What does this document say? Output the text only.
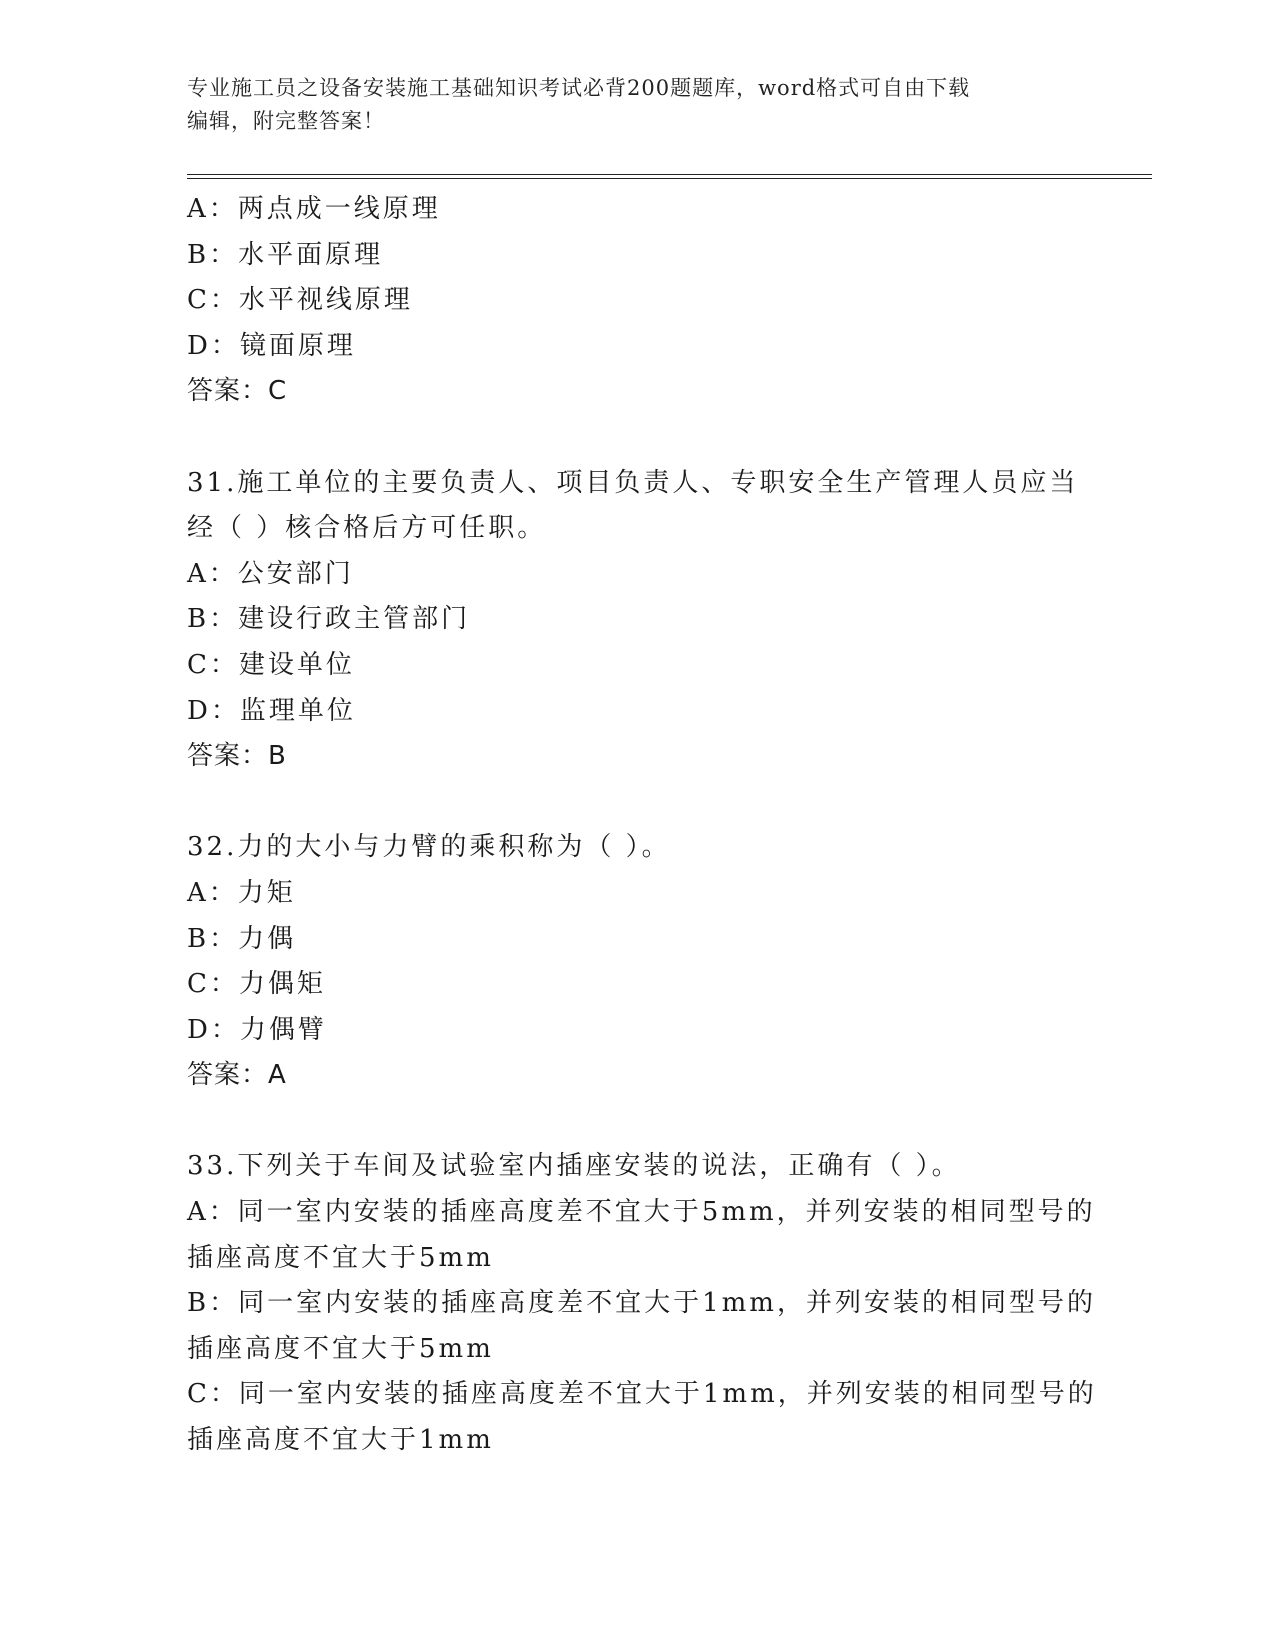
专业施工员之设备安装施工基础知识考试必背200题题库，word格式可自由下载
编辑，附完整答案！
A：两点成一线原理
B：水平面原理
C：水平视线原理
D：镜面原理
答案：C
31.施工单位的主要负责人、项目负责人、专职安全生产管理人员应当
经（ ）核合格后方可任职。
A：公安部门
B：建设行政主管部门
C：建设单位
D：监理单位
答案：B
32.力的大小与力臂的乘积称为（ ）。
A：力矩
B：力偶
C：力偶矩
D：力偶臂
答案：A
33.下列关于车间及试验室内插座安装的说法，正确有（ ）。
A：同一室内安装的插座高度差不宜大于5mm，并列安装的相同型号的
插座高度不宜大于5mm
B：同一室内安装的插座高度差不宜大于1mm，并列安装的相同型号的
插座高度不宜大于5mm
C：同一室内安装的插座高度差不宜大于1mm，并列安装的相同型号的
插座高度不宜大于1mm
